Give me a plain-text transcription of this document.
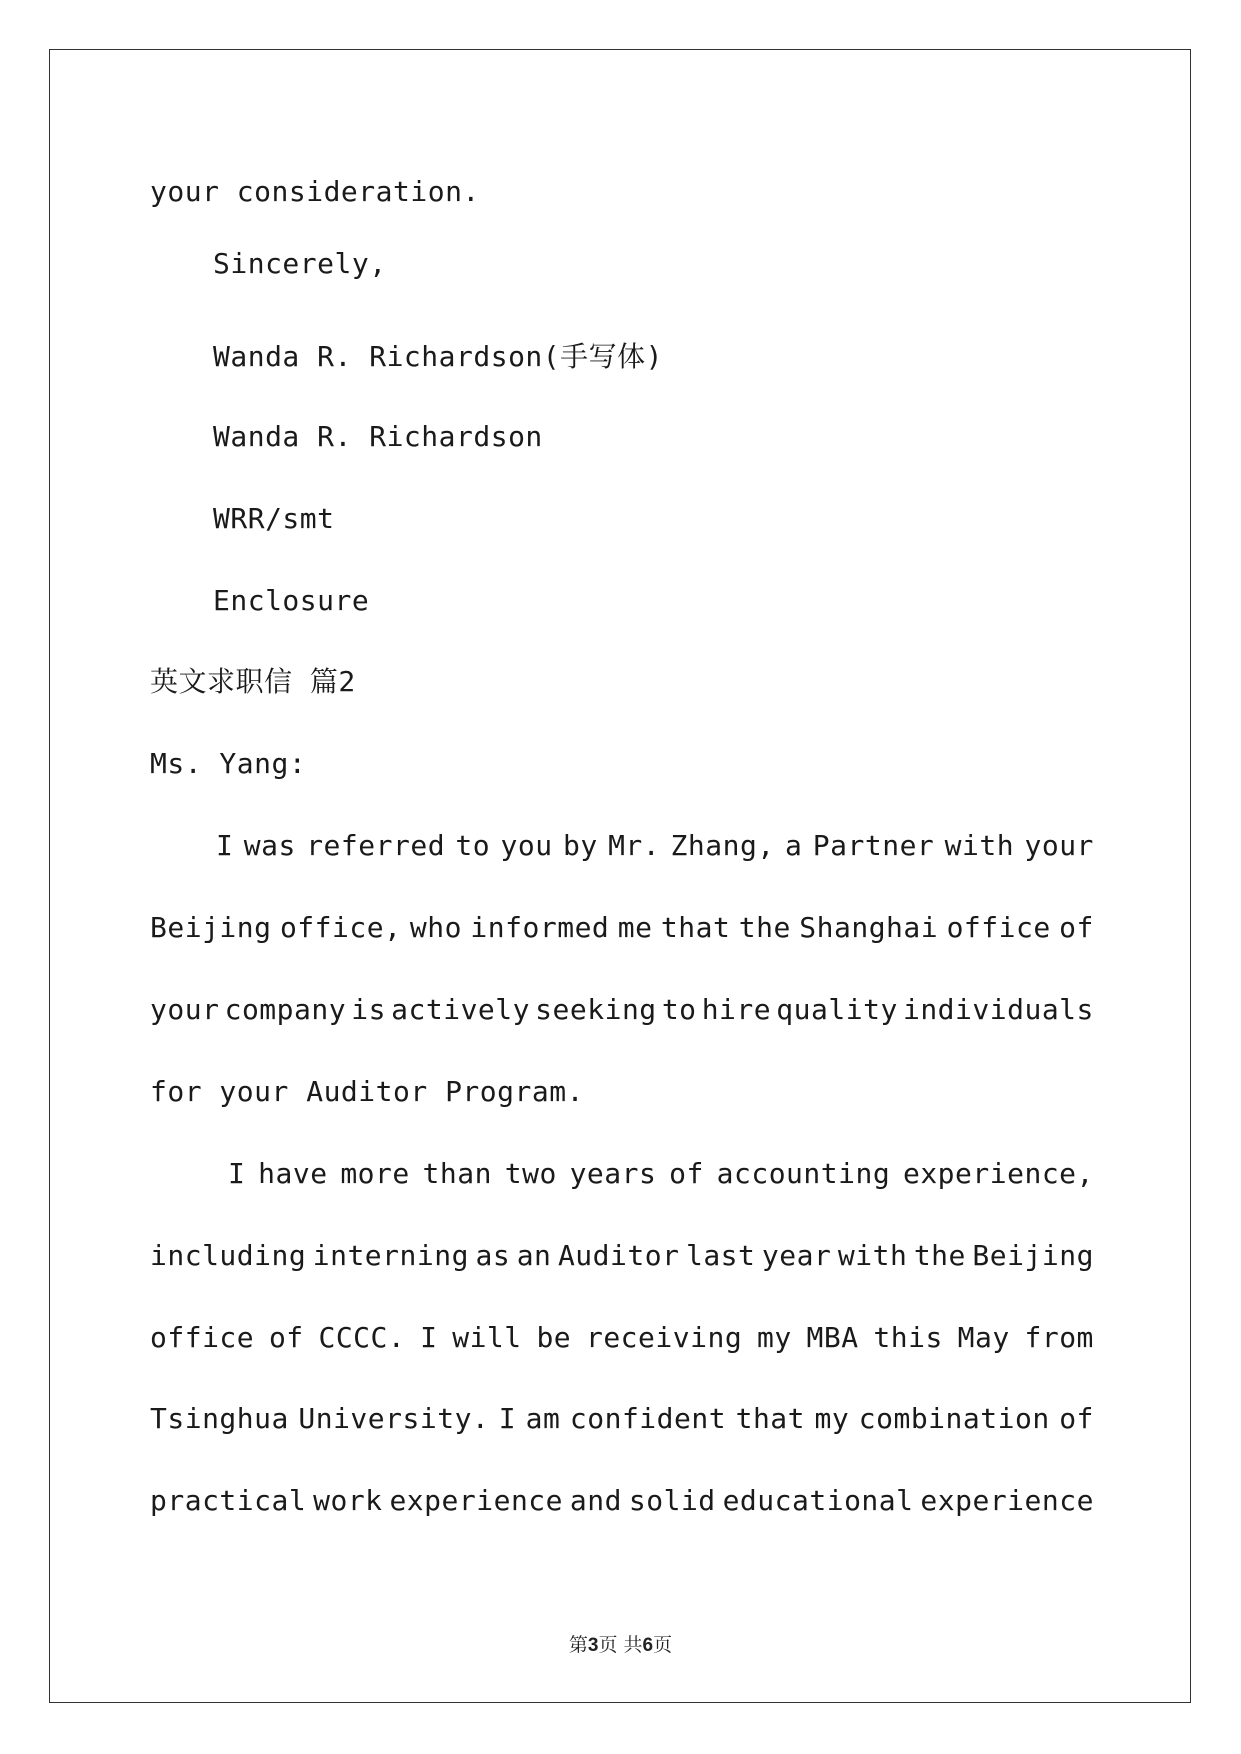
your consideration.
Sincerely,
Wanda R. Richardson(手写体)
Wanda R. Richardson
WRR/smt
Enclosure
英文求职信 篇2
Ms. Yang:
I was referred to you by Mr. Zhang, a Partner with your
Beijing office, who informed me that the Shanghai office of
your company is actively seeking to hire quality individuals
for your Auditor Program.
I have more than two years of accounting experience,
including interning as an Auditor last year with the Beijing
office of CCCC. I will be receiving my MBA this May from
Tsinghua University. I am confident that my combination of
practical work experience and solid educational experience
第3页 共6页
